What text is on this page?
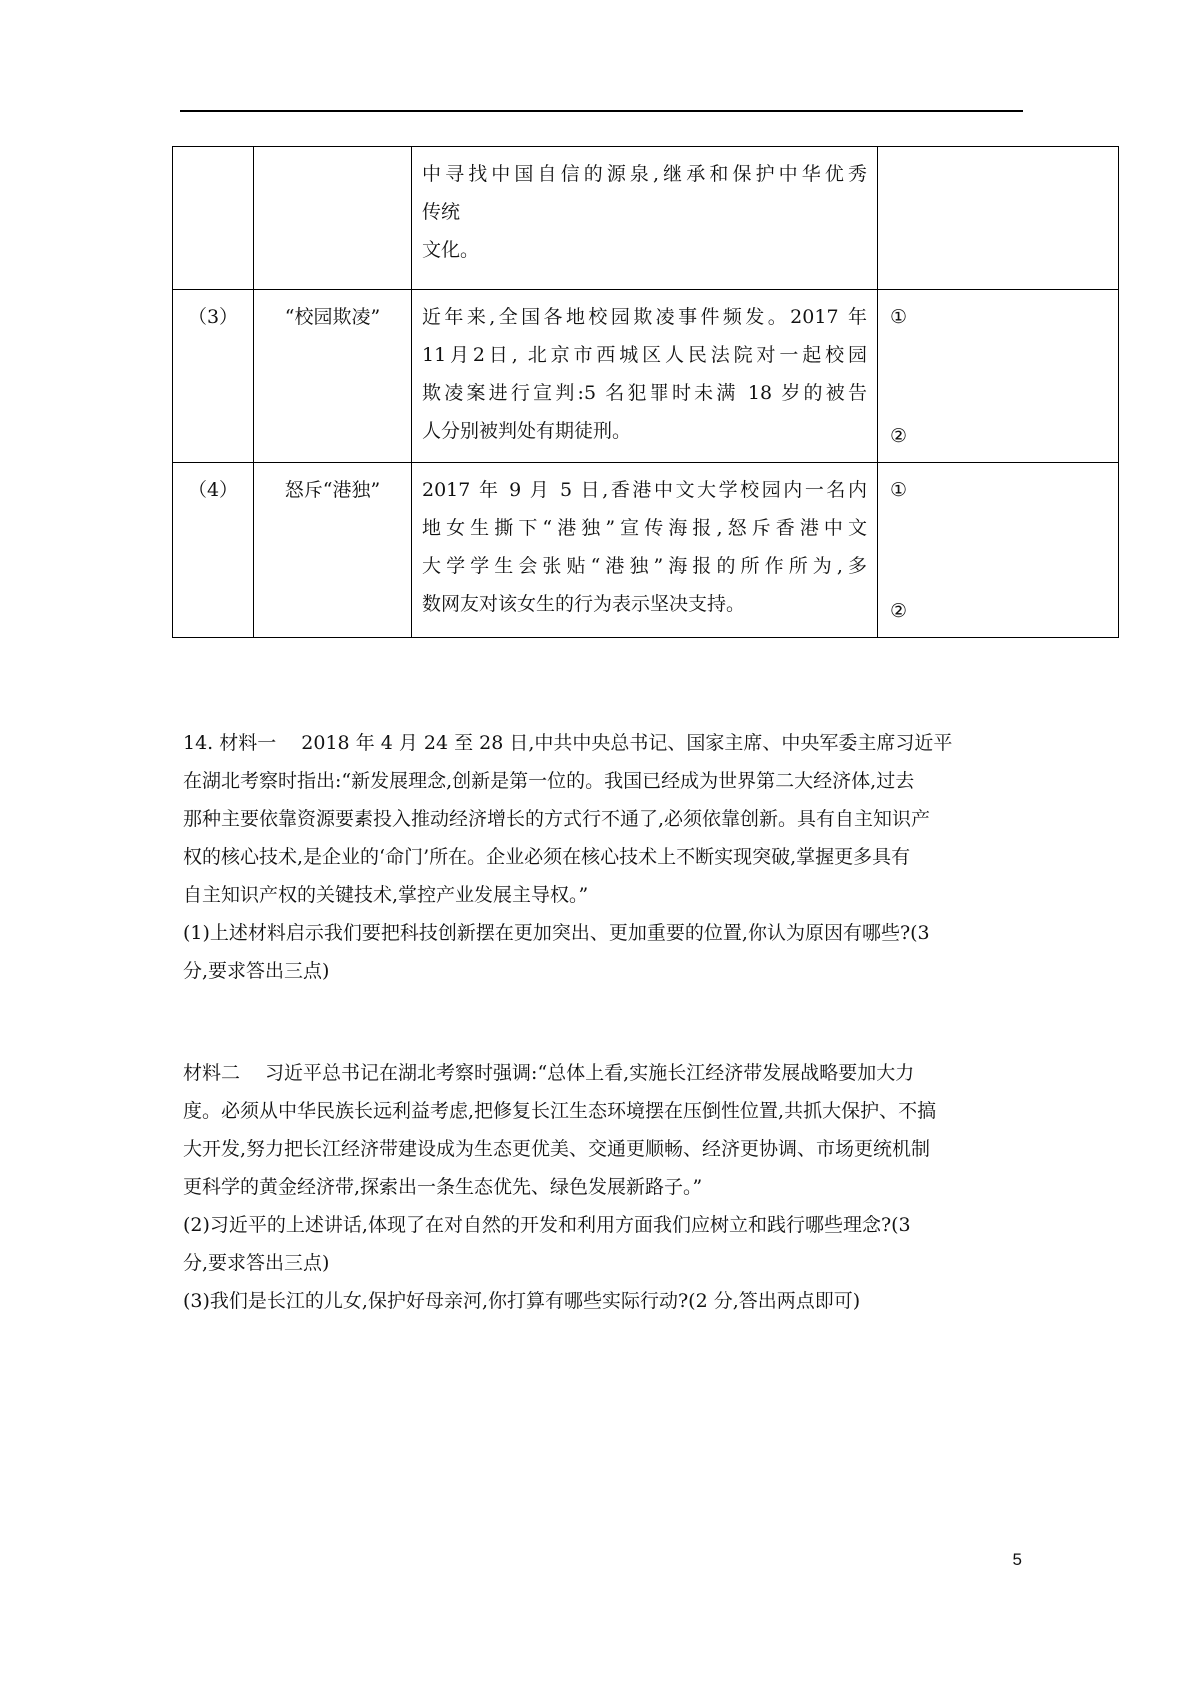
		中寻找中国自信的源泉,继承和保护中华优秀
传统
文化。	

（3）	“校园欺凌”	近年来,全国各地校园欺凌事件频发。2017 年
11月2日, 北京市西城区人民法院对一起校园
欺凌案进行宣判:5 名犯罪时未满 18 岁的被告
人分别被判处有期徒刑。	①
②

（4）	怒斥“港独”	2017 年 9 月 5 日,香港中文大学校园内一名内
地女生撕下“港独”宣传海报,怒斥香港中文
大学学生会张贴“港独”海报的所作所为,多
数网友对该女生的行为表示坚决支持。	①
②
14. 材料一　 2018 年 4 月 24 至 28 日,中共中央总书记、国家主席、中央军委主席习近平
在湖北考察时指出:“新发展理念,创新是第一位的。我国已经成为世界第二大经济体,过去
那种主要依靠资源要素投入推动经济增长的方式行不通了,必须依靠创新。具有自主知识产
权的核心技术,是企业的‘命门’所在。企业必须在核心技术上不断实现突破,掌握更多具有
自主知识产权的关键技术,掌控产业发展主导权。”
(1)上述材料启示我们要把科技创新摆在更加突出、更加重要的位置,你认为原因有哪些?(3
分,要求答出三点)
材料二　 习近平总书记在湖北考察时强调:“总体上看,实施长江经济带发展战略要加大力
度。必须从中华民族长远利益考虑,把修复长江生态环境摆在压倒性位置,共抓大保护、不搞
大开发,努力把长江经济带建设成为生态更优美、交通更顺畅、经济更协调、市场更统机制
更科学的黄金经济带,探索出一条生态优先、绿色发展新路子。”
(2)习近平的上述讲话,体现了在对自然的开发和利用方面我们应树立和践行哪些理念?(3
分,要求答出三点)
(3)我们是长江的儿女,保护好母亲河,你打算有哪些实际行动?(2 分,答出两点即可)
5
